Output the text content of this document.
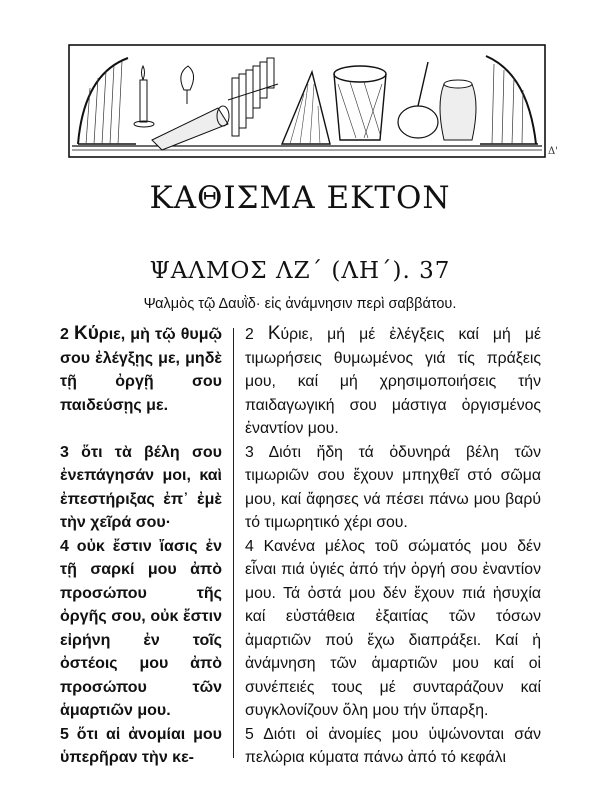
Δ'
ΚΑΘΙΣΜΑ ΕΚΤΟΝ
ΨΑΛΜΟΣ ΛΖ΄ (ΛΗ΄). 37
Ψαλμὸς τῷ Δαυῒδ· εἰς ἀνάμνησιν περὶ σαββάτου.

2 Κύριε, μὴ τῷ θυμῷ σου ἐλέγξῃς με, μηδὲ τῇ ὀργῇ σου παιδεύσῃς με.

3 ὅτι τὰ βέλη σου ἐνεπάγησάν μοι, καὶ ἐπεστήριξας ἐπ᾿ ἐμὲ τὴν χεῖρά σου·

4 οὐκ ἔστιν ἴασις ἐν τῇ σαρκί μου ἀπὸ προσώπου τῆς ὀργῆς σου, οὐκ ἔστιν εἰρήνη ἐν τοῖς ὀστέοις μου ἀπὸ προσώπου τῶν ἁμαρτιῶν μου.

5 ὅτι αἱ ἀνομίαι μου ὑπερῆραν τὴν κε-

2 Κύριε, μή μέ ἐλέγξεις καί μή μέ τιμωρήσεις θυμωμένος γιά τίς πράξεις μου, καί μή χρησιμοποιήσεις τήν παιδαγωγική σου μάστιγα ὀργισμένος ἐναντίον μου.

3 Διότι ἤδη τά ὀδυνηρά βέλη τῶν τιμωριῶν σου ἔχουν μπηχθεῖ στό σῶμα μου, καί ἄφησες νά πέσει πάνω μου βαρύ τό τιμωρητικό χέρι σου.

4 Κανένα μέλος τοῦ σώματός μου δέν εἶναι πιά ὑγιές ἀπό τήν ὀργή σου ἐναντίον μου. Τά ὀστά μου δέν ἔχουν πιά ἡσυχία καί εὐστάθεια ἐξαιτίας τῶν τόσων ἁμαρτιῶν πού ἔχω διαπράξει. Καί ἡ ἀνάμνηση τῶν ἁμαρτιῶν μου καί οἱ συνέπειές τους μέ συνταράζουν καί συγκλονίζουν ὅλη μου τήν ὕπαρξη.

5 Διότι οἱ ἀνομίες μου ὑψώνονται σάν πελώρια κύματα πάνω ἀπό τό κεφάλι
